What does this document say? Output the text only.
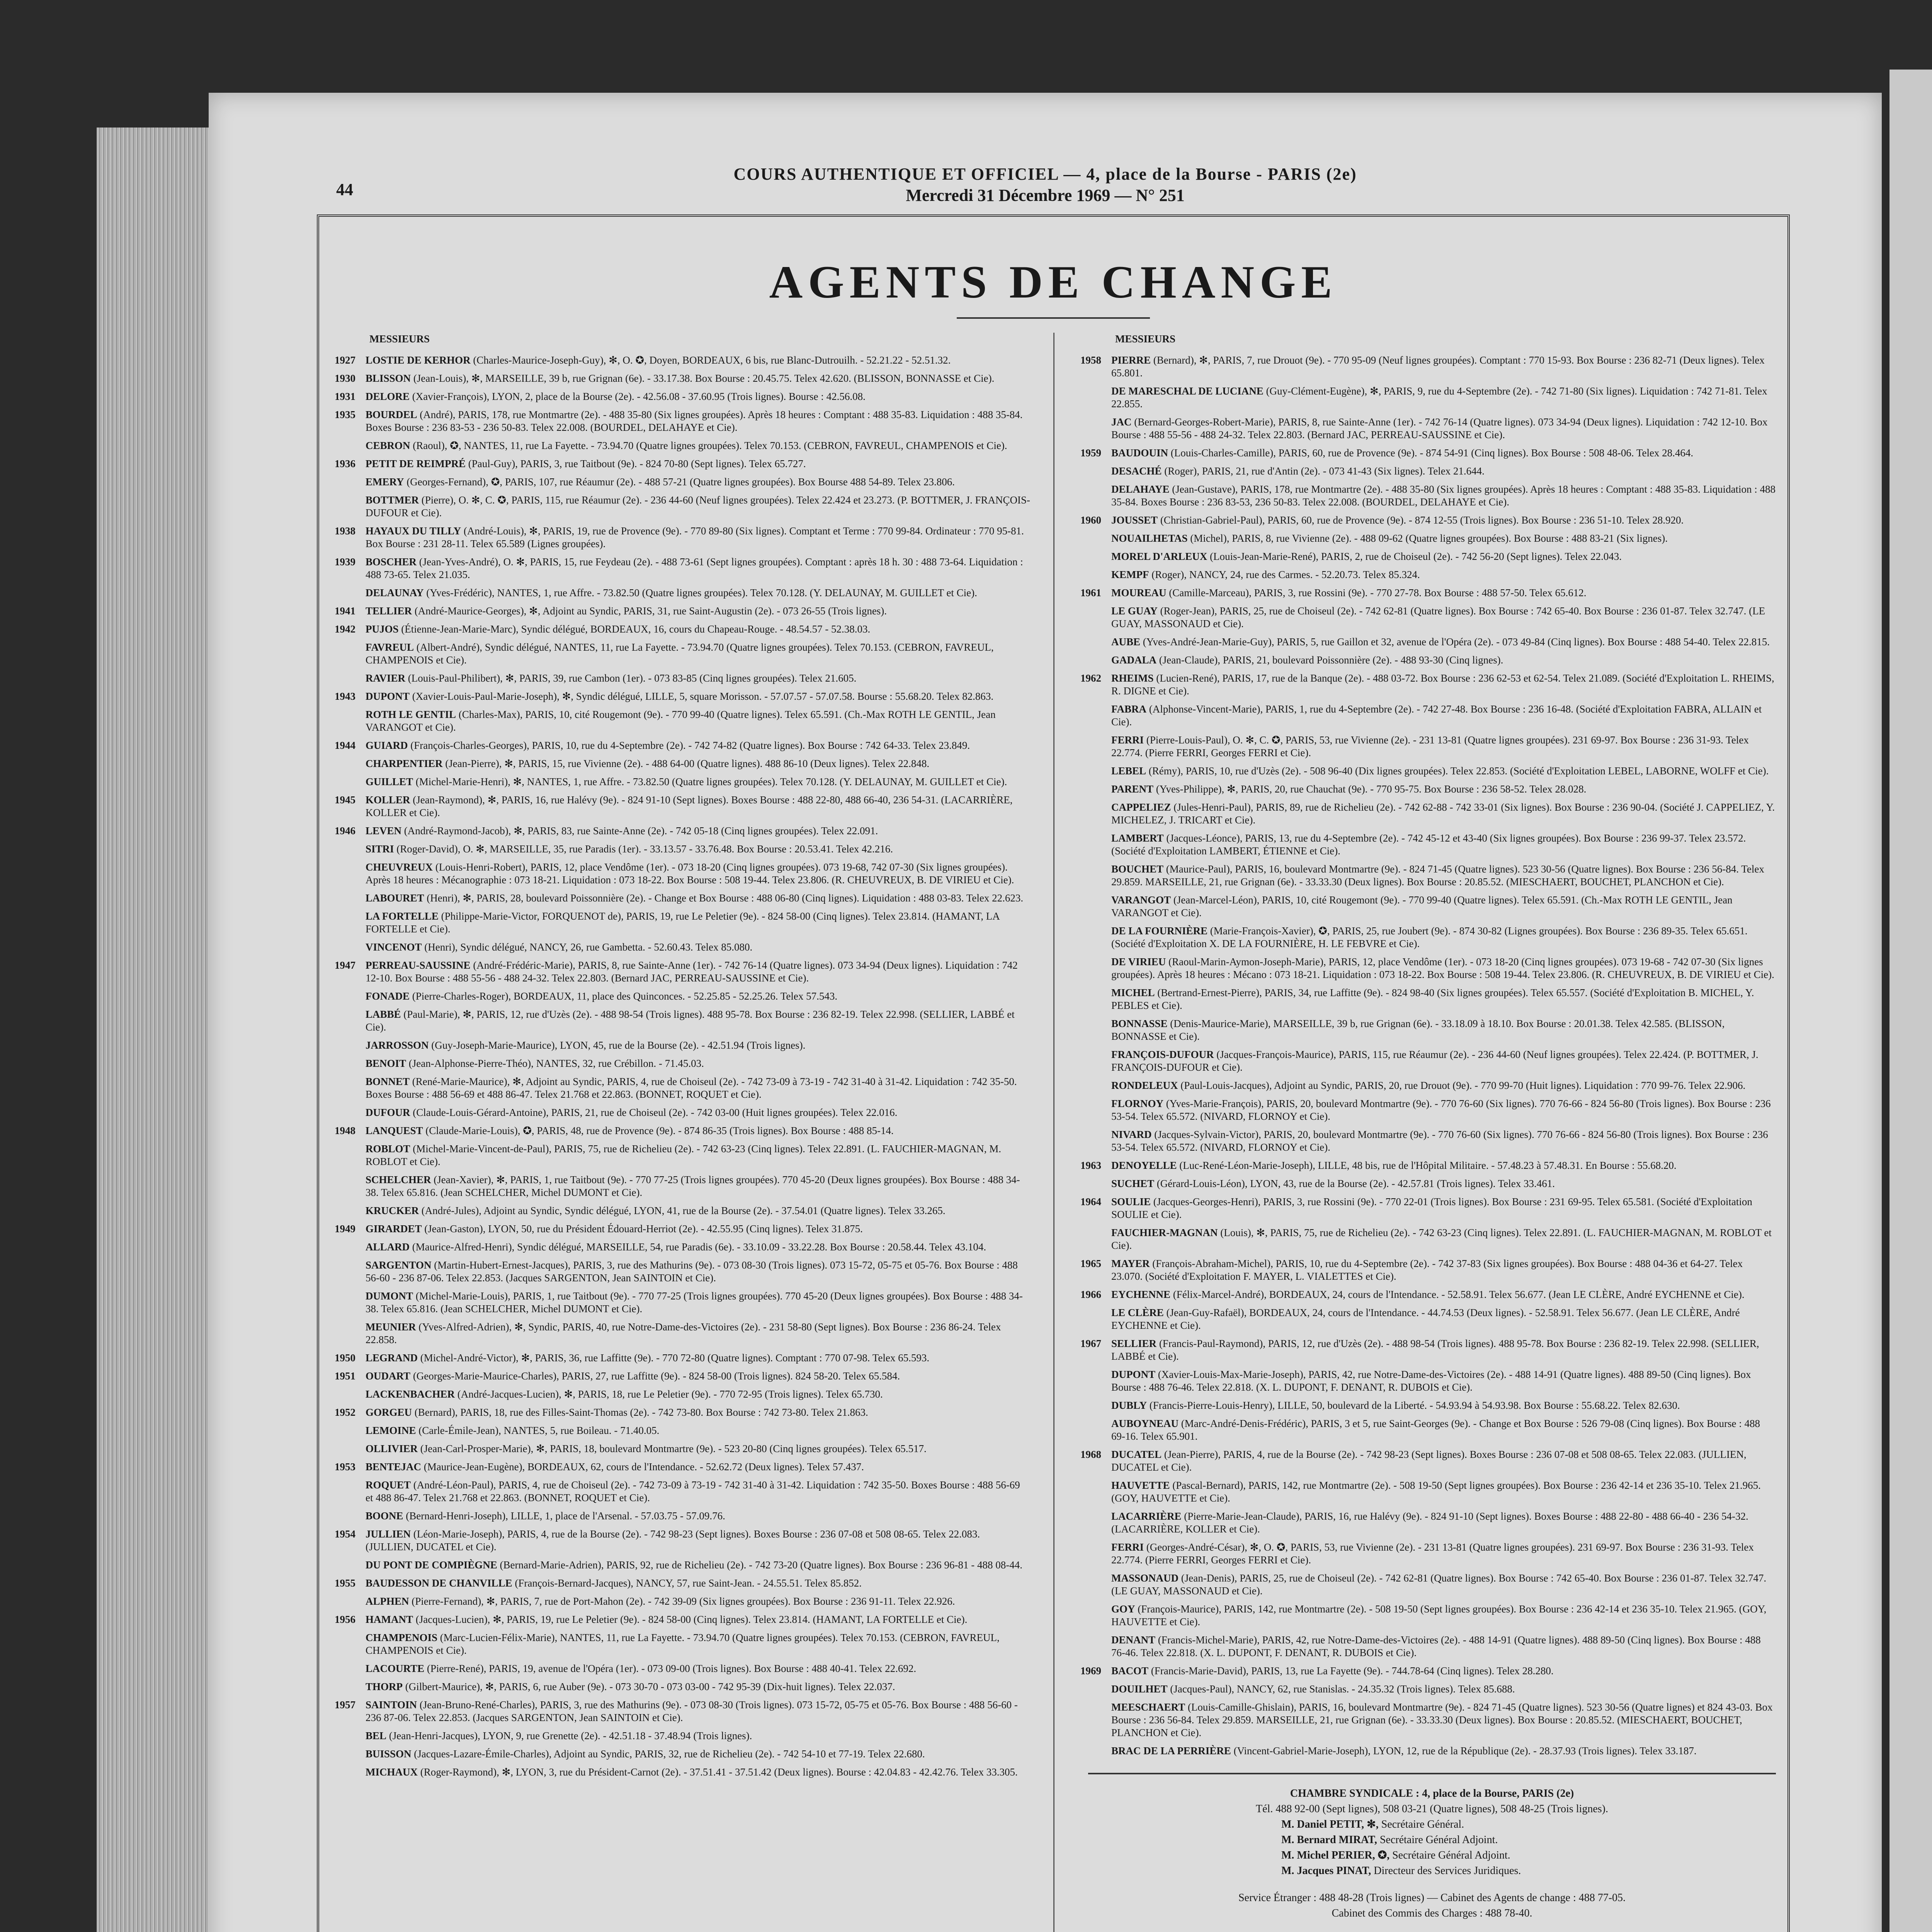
44
COURS AUTHENTIQUE ET OFFICIEL — 4, place de la Bourse - PARIS (2e)
Mercredi 31 Décembre 1969 — N° 251
AGENTS DE CHANGE
MESSIEURS
1927 LOSTIE DE KERHOR (Charles-Maurice-Joseph-Guy), ✻, O. ✪, Doyen, BORDEAUX, 6 bis, rue Blanc-Dutrouilh. - 52.21.22 - 52.51.32.
1930 BLISSON (Jean-Louis), ✻, MARSEILLE, 39 b, rue Grignan (6e). - 33.17.38. Box Bourse : 20.45.75. Telex 42.620. (BLISSON, BONNASSE et Cie).
1931 DELORE (Xavier-François), LYON, 2, place de la Bourse (2e). - 42.56.08 - 37.60.95 (Trois lignes). Bourse : 42.56.08.
1935 BOURDEL (André), PARIS, 178, rue Montmartre (2e). - 488 35-80 (Six lignes groupées). Après 18 heures : Comptant : 488 35-83. Liquidation : 488 35-84. Boxes Bourse : 236 83-53 - 236 50-83. Telex 22.008. (BOURDEL, DELAHAYE et Cie).
CEBRON (Raoul), ✪, NANTES, 11, rue La Fayette. - 73.94.70 (Quatre lignes groupées). Telex 70.153. (CEBRON, FAVREUL, CHAMPENOIS et Cie).
1936 PETIT DE REIMPRÉ (Paul-Guy), PARIS, 3, rue Taitbout (9e). - 824 70-80 (Sept lignes). Telex 65.727.
EMERY (Georges-Fernand), ✪, PARIS, 107, rue Réaumur (2e). - 488 57-21 (Quatre lignes groupées). Box Bourse 488 54-89. Telex 23.806.
BOTTMER (Pierre), O. ✻, C. ✪, PARIS, 115, rue Réaumur (2e). - 236 44-60 (Neuf lignes groupées). Telex 22.424 et 23.273. (P. BOTTMER, J. FRANÇOIS-DUFOUR et Cie).
1938 HAYAUX DU TILLY (André-Louis), ✻, PARIS, 19, rue de Provence (9e). - 770 89-80 (Six lignes). Comptant et Terme : 770 99-84. Ordinateur : 770 95-81. Box Bourse : 231 28-11. Telex 65.589 (Lignes groupées).
1939 BOSCHER (Jean-Yves-André), O. ✻, PARIS, 15, rue Feydeau (2e). - 488 73-61 (Sept lignes groupées). Comptant : après 18 h. 30 : 488 73-64. Liquidation : 488 73-65. Telex 21.035.
DELAUNAY (Yves-Frédéric), NANTES, 1, rue Affre. - 73.82.50 (Quatre lignes groupées). Telex 70.128. (Y. DELAUNAY, M. GUILLET et Cie).
1941 TELLIER (André-Maurice-Georges), ✻, Adjoint au Syndic, PARIS, 31, rue Saint-Augustin (2e). - 073 26-55 (Trois lignes).
1942 PUJOS (Étienne-Jean-Marie-Marc), Syndic délégué, BORDEAUX, 16, cours du Chapeau-Rouge. - 48.54.57 - 52.38.03.
FAVREUL (Albert-André), Syndic délégué, NANTES, 11, rue La Fayette. - 73.94.70 (Quatre lignes groupées). Telex 70.153. (CEBRON, FAVREUL, CHAMPENOIS et Cie).
RAVIER (Louis-Paul-Philibert), ✻, PARIS, 39, rue Cambon (1er). - 073 83-85 (Cinq lignes groupées). Telex 21.605.
1943 DUPONT (Xavier-Louis-Paul-Marie-Joseph), ✻, Syndic délégué, LILLE, 5, square Morisson. - 57.07.57 - 57.07.58. Bourse : 55.68.20. Telex 82.863.
ROTH LE GENTIL (Charles-Max), PARIS, 10, cité Rougemont (9e). - 770 99-40 (Quatre lignes). Telex 65.591. (Ch.-Max ROTH LE GENTIL, Jean VARANGOT et Cie).
1944 GUIARD (François-Charles-Georges), PARIS, 10, rue du 4-Septembre (2e). - 742 74-82 (Quatre lignes). Box Bourse : 742 64-33. Telex 23.849.
CHARPENTIER (Jean-Pierre), ✻, PARIS, 15, rue Vivienne (2e). - 488 64-00 (Quatre lignes). 488 86-10 (Deux lignes). Telex 22.848.
GUILLET (Michel-Marie-Henri), ✻, NANTES, 1, rue Affre. - 73.82.50 (Quatre lignes groupées). Telex 70.128. (Y. DELAUNAY, M. GUILLET et Cie).
1945 KOLLER (Jean-Raymond), ✻, PARIS, 16, rue Halévy (9e). - 824 91-10 (Sept lignes). Boxes Bourse : 488 22-80, 488 66-40, 236 54-31. (LACARRIÈRE, KOLLER et Cie).
1946 LEVEN (André-Raymond-Jacob), ✻, PARIS, 83, rue Sainte-Anne (2e). - 742 05-18 (Cinq lignes groupées). Telex 22.091.
SITRI (Roger-David), O. ✻, MARSEILLE, 35, rue Paradis (1er). - 33.13.57 - 33.76.48. Box Bourse : 20.53.41. Telex 42.216.
CHEUVREUX (Louis-Henri-Robert), PARIS, 12, place Vendôme (1er). - 073 18-20 (Cinq lignes groupées). 073 19-68, 742 07-30 (Six lignes groupées). Après 18 heures : Mécanographie : 073 18-21. Liquidation : 073 18-22. Box Bourse : 508 19-44. Telex 23.806. (R. CHEUVREUX, B. DE VIRIEU et Cie).
LABOURET (Henri), ✻, PARIS, 28, boulevard Poissonnière (2e). - Change et Box Bourse : 488 06-80 (Cinq lignes). Liquidation : 488 03-83. Telex 22.623.
LA FORTELLE (Philippe-Marie-Victor, FORQUENOT de), PARIS, 19, rue Le Peletier (9e). - 824 58-00 (Cinq lignes). Telex 23.814. (HAMANT, LA FORTELLE et Cie).
VINCENOT (Henri), Syndic délégué, NANCY, 26, rue Gambetta. - 52.60.43. Telex 85.080.
1947 PERREAU-SAUSSINE (André-Frédéric-Marie), PARIS, 8, rue Sainte-Anne (1er). - 742 76-14 (Quatre lignes). 073 34-94 (Deux lignes). Liquidation : 742 12-10. Box Bourse : 488 55-56 - 488 24-32. Telex 22.803. (Bernard JAC, PERREAU-SAUSSINE et Cie).
FONADE (Pierre-Charles-Roger), BORDEAUX, 11, place des Quinconces. - 52.25.85 - 52.25.26. Telex 57.543.
LABBÉ (Paul-Marie), ✻, PARIS, 12, rue d'Uzès (2e). - 488 98-54 (Trois lignes). 488 95-78. Box Bourse : 236 82-19. Telex 22.998. (SELLIER, LABBÉ et Cie).
JARROSSON (Guy-Joseph-Marie-Maurice), LYON, 45, rue de la Bourse (2e). - 42.51.94 (Trois lignes).
BENOIT (Jean-Alphonse-Pierre-Théo), NANTES, 32, rue Crébillon. - 71.45.03.
BONNET (René-Marie-Maurice), ✻, Adjoint au Syndic, PARIS, 4, rue de Choiseul (2e). - 742 73-09 à 73-19 - 742 31-40 à 31-42. Liquidation : 742 35-50. Boxes Bourse : 488 56-69 et 488 86-47. Telex 21.768 et 22.863. (BONNET, ROQUET et Cie).
DUFOUR (Claude-Louis-Gérard-Antoine), PARIS, 21, rue de Choiseul (2e). - 742 03-00 (Huit lignes groupées). Telex 22.016.
1948 LANQUEST (Claude-Marie-Louis), ✪, PARIS, 48, rue de Provence (9e). - 874 86-35 (Trois lignes). Box Bourse : 488 85-14.
ROBLOT (Michel-Marie-Vincent-de-Paul), PARIS, 75, rue de Richelieu (2e). - 742 63-23 (Cinq lignes). Telex 22.891. (L. FAUCHIER-MAGNAN, M. ROBLOT et Cie).
SCHELCHER (Jean-Xavier), ✻, PARIS, 1, rue Taitbout (9e). - 770 77-25 (Trois lignes groupées). 770 45-20 (Deux lignes groupées). Box Bourse : 488 34-38. Telex 65.816. (Jean SCHELCHER, Michel DUMONT et Cie).
KRUCKER (André-Jules), Adjoint au Syndic, Syndic délégué, LYON, 41, rue de la Bourse (2e). - 37.54.01 (Quatre lignes). Telex 33.265.
1949 GIRARDET (Jean-Gaston), LYON, 50, rue du Président Édouard-Herriot (2e). - 42.55.95 (Cinq lignes). Telex 31.875.
ALLARD (Maurice-Alfred-Henri), Syndic délégué, MARSEILLE, 54, rue Paradis (6e). - 33.10.09 - 33.22.28. Box Bourse : 20.58.44. Telex 43.104.
SARGENTON (Martin-Hubert-Ernest-Jacques), PARIS, 3, rue des Mathurins (9e). - 073 08-30 (Trois lignes). 073 15-72, 05-75 et 05-76. Box Bourse : 488 56-60 - 236 87-06. Telex 22.853. (Jacques SARGENTON, Jean SAINTOIN et Cie).
DUMONT (Michel-Marie-Louis), PARIS, 1, rue Taitbout (9e). - 770 77-25 (Trois lignes groupées). 770 45-20 (Deux lignes groupées). Box Bourse : 488 34-38. Telex 65.816. (Jean SCHELCHER, Michel DUMONT et Cie).
MEUNIER (Yves-Alfred-Adrien), ✻, Syndic, PARIS, 40, rue Notre-Dame-des-Victoires (2e). - 231 58-80 (Sept lignes). Box Bourse : 236 86-24. Telex 22.858.
1950 LEGRAND (Michel-André-Victor), ✻, PARIS, 36, rue Laffitte (9e). - 770 72-80 (Quatre lignes). Comptant : 770 07-98. Telex 65.593.
1951 OUDART (Georges-Marie-Maurice-Charles), PARIS, 27, rue Laffitte (9e). - 824 58-00 (Trois lignes). 824 58-20. Telex 65.584.
LACKENBACHER (André-Jacques-Lucien), ✻, PARIS, 18, rue Le Peletier (9e). - 770 72-95 (Trois lignes). Telex 65.730.
1952 GORGEU (Bernard), PARIS, 18, rue des Filles-Saint-Thomas (2e). - 742 73-80. Box Bourse : 742 73-80. Telex 21.863.
LEMOINE (Carle-Émile-Jean), NANTES, 5, rue Boileau. - 71.40.05.
OLLIVIER (Jean-Carl-Prosper-Marie), ✻, PARIS, 18, boulevard Montmartre (9e). - 523 20-80 (Cinq lignes groupées). Telex 65.517.
1953 BENTEJAC (Maurice-Jean-Eugène), BORDEAUX, 62, cours de l'Intendance. - 52.62.72 (Deux lignes). Telex 57.437.
ROQUET (André-Léon-Paul), PARIS, 4, rue de Choiseul (2e). - 742 73-09 à 73-19 - 742 31-40 à 31-42. Liquidation : 742 35-50. Boxes Bourse : 488 56-69 et 488 86-47. Telex 21.768 et 22.863. (BONNET, ROQUET et Cie).
BOONE (Bernard-Henri-Joseph), LILLE, 1, place de l'Arsenal. - 57.03.75 - 57.09.76.
1954 JULLIEN (Léon-Marie-Joseph), PARIS, 4, rue de la Bourse (2e). - 742 98-23 (Sept lignes). Boxes Bourse : 236 07-08 et 508 08-65. Telex 22.083. (JULLIEN, DUCATEL et Cie).
DU PONT DE COMPIÈGNE (Bernard-Marie-Adrien), PARIS, 92, rue de Richelieu (2e). - 742 73-20 (Quatre lignes). Box Bourse : 236 96-81 - 488 08-44.
1955 BAUDESSON DE CHANVILLE (François-Bernard-Jacques), NANCY, 57, rue Saint-Jean. - 24.55.51. Telex 85.852.
ALPHEN (Pierre-Fernand), ✻, PARIS, 7, rue de Port-Mahon (2e). - 742 39-09 (Six lignes groupées). Box Bourse : 236 91-11. Telex 22.926.
1956 HAMANT (Jacques-Lucien), ✻, PARIS, 19, rue Le Peletier (9e). - 824 58-00 (Cinq lignes). Telex 23.814. (HAMANT, LA FORTELLE et Cie).
CHAMPENOIS (Marc-Lucien-Félix-Marie), NANTES, 11, rue La Fayette. - 73.94.70 (Quatre lignes groupées). Telex 70.153. (CEBRON, FAVREUL, CHAMPENOIS et Cie).
LACOURTE (Pierre-René), PARIS, 19, avenue de l'Opéra (1er). - 073 09-00 (Trois lignes). Box Bourse : 488 40-41. Telex 22.692.
THORP (Gilbert-Maurice), ✻, PARIS, 6, rue Auber (9e). - 073 30-70 - 073 03-00 - 742 95-39 (Dix-huit lignes). Telex 22.037.
1957 SAINTOIN (Jean-Bruno-René-Charles), PARIS, 3, rue des Mathurins (9e). - 073 08-30 (Trois lignes). 073 15-72, 05-75 et 05-76. Box Bourse : 488 56-60 - 236 87-06. Telex 22.853. (Jacques SARGENTON, Jean SAINTOIN et Cie).
BEL (Jean-Henri-Jacques), LYON, 9, rue Grenette (2e). - 42.51.18 - 37.48.94 (Trois lignes).
BUISSON (Jacques-Lazare-Émile-Charles), Adjoint au Syndic, PARIS, 32, rue de Richelieu (2e). - 742 54-10 et 77-19. Telex 22.680.
MICHAUX (Roger-Raymond), ✻, LYON, 3, rue du Président-Carnot (2e). - 37.51.41 - 37.51.42 (Deux lignes). Bourse : 42.04.83 - 42.42.76. Telex 33.305.
MESSIEURS
1958 PIERRE (Bernard), ✻, PARIS, 7, rue Drouot (9e). - 770 95-09 (Neuf lignes groupées). Comptant : 770 15-93. Box Bourse : 236 82-71 (Deux lignes). Telex 65.801.
DE MARESCHAL DE LUCIANE (Guy-Clément-Eugène), ✻, PARIS, 9, rue du 4-Septembre (2e). - 742 71-80 (Six lignes). Liquidation : 742 71-81. Telex 22.855.
JAC (Bernard-Georges-Robert-Marie), PARIS, 8, rue Sainte-Anne (1er). - 742 76-14 (Quatre lignes). 073 34-94 (Deux lignes). Liquidation : 742 12-10. Box Bourse : 488 55-56 - 488 24-32. Telex 22.803. (Bernard JAC, PERREAU-SAUSSINE et Cie).
1959 BAUDOUIN (Louis-Charles-Camille), PARIS, 60, rue de Provence (9e). - 874 54-91 (Cinq lignes). Box Bourse : 508 48-06. Telex 28.464.
DESACHÉ (Roger), PARIS, 21, rue d'Antin (2e). - 073 41-43 (Six lignes). Telex 21.644.
DELAHAYE (Jean-Gustave), PARIS, 178, rue Montmartre (2e). - 488 35-80 (Six lignes groupées). Après 18 heures : Comptant : 488 35-83. Liquidation : 488 35-84. Boxes Bourse : 236 83-53, 236 50-83. Telex 22.008. (BOURDEL, DELAHAYE et Cie).
1960 JOUSSET (Christian-Gabriel-Paul), PARIS, 60, rue de Provence (9e). - 874 12-55 (Trois lignes). Box Bourse : 236 51-10. Telex 28.920.
NOUAILHETAS (Michel), PARIS, 8, rue Vivienne (2e). - 488 09-62 (Quatre lignes groupées). Box Bourse : 488 83-21 (Six lignes).
MOREL D'ARLEUX (Louis-Jean-Marie-René), PARIS, 2, rue de Choiseul (2e). - 742 56-20 (Sept lignes). Telex 22.043.
KEMPF (Roger), NANCY, 24, rue des Carmes. - 52.20.73. Telex 85.324.
1961 MOUREAU (Camille-Marceau), PARIS, 3, rue Rossini (9e). - 770 27-78. Box Bourse : 488 57-50. Telex 65.612.
LE GUAY (Roger-Jean), PARIS, 25, rue de Choiseul (2e). - 742 62-81 (Quatre lignes). Box Bourse : 742 65-40. Box Bourse : 236 01-87. Telex 32.747. (LE GUAY, MASSONAUD et Cie).
AUBE (Yves-André-Jean-Marie-Guy), PARIS, 5, rue Gaillon et 32, avenue de l'Opéra (2e). - 073 49-84 (Cinq lignes). Box Bourse : 488 54-40. Telex 22.815.
GADALA (Jean-Claude), PARIS, 21, boulevard Poissonnière (2e). - 488 93-30 (Cinq lignes).
1962 RHEIMS (Lucien-René), PARIS, 17, rue de la Banque (2e). - 488 03-72. Box Bourse : 236 62-53 et 62-54. Telex 21.089. (Société d'Exploitation L. RHEIMS, R. DIGNE et Cie).
FABRA (Alphonse-Vincent-Marie), PARIS, 1, rue du 4-Septembre (2e). - 742 27-48. Box Bourse : 236 16-48. (Société d'Exploitation FABRA, ALLAIN et Cie).
FERRI (Pierre-Louis-Paul), O. ✻, C. ✪, PARIS, 53, rue Vivienne (2e). - 231 13-81 (Quatre lignes groupées). 231 69-97. Box Bourse : 236 31-93. Telex 22.774. (Pierre FERRI, Georges FERRI et Cie).
LEBEL (Rémy), PARIS, 10, rue d'Uzès (2e). - 508 96-40 (Dix lignes groupées). Telex 22.853. (Société d'Exploitation LEBEL, LABORNE, WOLFF et Cie).
PARENT (Yves-Philippe), ✻, PARIS, 20, rue Chauchat (9e). - 770 95-75. Box Bourse : 236 58-52. Telex 28.028.
CAPPELIEZ (Jules-Henri-Paul), PARIS, 89, rue de Richelieu (2e). - 742 62-88 - 742 33-01 (Six lignes). Box Bourse : 236 90-04. (Société J. CAPPELIEZ, Y. MICHELEZ, J. TRICART et Cie).
LAMBERT (Jacques-Léonce), PARIS, 13, rue du 4-Septembre (2e). - 742 45-12 et 43-40 (Six lignes groupées). Box Bourse : 236 99-37. Telex 23.572. (Société d'Exploitation LAMBERT, ÉTIENNE et Cie).
BOUCHET (Maurice-Paul), PARIS, 16, boulevard Montmartre (9e). - 824 71-45 (Quatre lignes). 523 30-56 (Quatre lignes). Box Bourse : 236 56-84. Telex 29.859. MARSEILLE, 21, rue Grignan (6e). - 33.33.30 (Deux lignes). Box Bourse : 20.85.52. (MIESCHAERT, BOUCHET, PLANCHON et Cie).
VARANGOT (Jean-Marcel-Léon), PARIS, 10, cité Rougemont (9e). - 770 99-40 (Quatre lignes). Telex 65.591. (Ch.-Max ROTH LE GENTIL, Jean VARANGOT et Cie).
DE LA FOURNIÈRE (Marie-François-Xavier), ✪, PARIS, 25, rue Joubert (9e). - 874 30-82 (Lignes groupées). Box Bourse : 236 89-35. Telex 65.651. (Société d'Exploitation X. DE LA FOURNIÈRE, H. LE FEBVRE et Cie).
DE VIRIEU (Raoul-Marin-Aymon-Joseph-Marie), PARIS, 12, place Vendôme (1er). - 073 18-20 (Cinq lignes groupées). 073 19-68 - 742 07-30 (Six lignes groupées). Après 18 heures : Mécano : 073 18-21. Liquidation : 073 18-22. Box Bourse : 508 19-44. Telex 23.806. (R. CHEUVREUX, B. DE VIRIEU et Cie).
MICHEL (Bertrand-Ernest-Pierre), PARIS, 34, rue Laffitte (9e). - 824 98-40 (Six lignes groupées). Telex 65.557. (Société d'Exploitation B. MICHEL, Y. PEBLES et Cie).
BONNASSE (Denis-Maurice-Marie), MARSEILLE, 39 b, rue Grignan (6e). - 33.18.09 à 18.10. Box Bourse : 20.01.38. Telex 42.585. (BLISSON, BONNASSE et Cie).
FRANÇOIS-DUFOUR (Jacques-François-Maurice), PARIS, 115, rue Réaumur (2e). - 236 44-60 (Neuf lignes groupées). Telex 22.424. (P. BOTTMER, J. FRANÇOIS-DUFOUR et Cie).
RONDELEUX (Paul-Louis-Jacques), Adjoint au Syndic, PARIS, 20, rue Drouot (9e). - 770 99-70 (Huit lignes). Liquidation : 770 99-76. Telex 22.906.
FLORNOY (Yves-Marie-François), PARIS, 20, boulevard Montmartre (9e). - 770 76-60 (Six lignes). 770 76-66 - 824 56-80 (Trois lignes). Box Bourse : 236 53-54. Telex 65.572. (NIVARD, FLORNOY et Cie).
NIVARD (Jacques-Sylvain-Victor), PARIS, 20, boulevard Montmartre (9e). - 770 76-60 (Six lignes). 770 76-66 - 824 56-80 (Trois lignes). Box Bourse : 236 53-54. Telex 65.572. (NIVARD, FLORNOY et Cie).
1963 DENOYELLE (Luc-René-Léon-Marie-Joseph), LILLE, 48 bis, rue de l'Hôpital Militaire. - 57.48.23 à 57.48.31. En Bourse : 55.68.20.
SUCHET (Gérard-Louis-Léon), LYON, 43, rue de la Bourse (2e). - 42.57.81 (Trois lignes). Telex 33.461.
1964 SOULIE (Jacques-Georges-Henri), PARIS, 3, rue Rossini (9e). - 770 22-01 (Trois lignes). Box Bourse : 231 69-95. Telex 65.581. (Société d'Exploitation SOULIE et Cie).
FAUCHIER-MAGNAN (Louis), ✻, PARIS, 75, rue de Richelieu (2e). - 742 63-23 (Cinq lignes). Telex 22.891. (L. FAUCHIER-MAGNAN, M. ROBLOT et Cie).
1965 MAYER (François-Abraham-Michel), PARIS, 10, rue du 4-Septembre (2e). - 742 37-83 (Six lignes groupées). Box Bourse : 488 04-36 et 64-27. Telex 23.070. (Société d'Exploitation F. MAYER, L. VIALETTES et Cie).
1966 EYCHENNE (Félix-Marcel-André), BORDEAUX, 24, cours de l'Intendance. - 52.58.91. Telex 56.677. (Jean LE CLÈRE, André EYCHENNE et Cie).
LE CLÈRE (Jean-Guy-Rafaël), BORDEAUX, 24, cours de l'Intendance. - 44.74.53 (Deux lignes). - 52.58.91. Telex 56.677. (Jean LE CLÈRE, André EYCHENNE et Cie).
1967 SELLIER (Francis-Paul-Raymond), PARIS, 12, rue d'Uzès (2e). - 488 98-54 (Trois lignes). 488 95-78. Box Bourse : 236 82-19. Telex 22.998. (SELLIER, LABBÉ et Cie).
DUPONT (Xavier-Louis-Max-Marie-Joseph), PARIS, 42, rue Notre-Dame-des-Victoires (2e). - 488 14-91 (Quatre lignes). 488 89-50 (Cinq lignes). Box Bourse : 488 76-46. Telex 22.818. (X. L. DUPONT, F. DENANT, R. DUBOIS et Cie).
DUBLY (Francis-Pierre-Louis-Henry), LILLE, 50, boulevard de la Liberté. - 54.93.94 à 54.93.98. Box Bourse : 55.68.22. Telex 82.630.
AUBOYNEAU (Marc-André-Denis-Frédéric), PARIS, 3 et 5, rue Saint-Georges (9e). - Change et Box Bourse : 526 79-08 (Cinq lignes). Box Bourse : 488 69-16. Telex 65.901.
1968 DUCATEL (Jean-Pierre), PARIS, 4, rue de la Bourse (2e). - 742 98-23 (Sept lignes). Boxes Bourse : 236 07-08 et 508 08-65. Telex 22.083. (JULLIEN, DUCATEL et Cie).
HAUVETTE (Pascal-Bernard), PARIS, 142, rue Montmartre (2e). - 508 19-50 (Sept lignes groupées). Box Bourse : 236 42-14 et 236 35-10. Telex 21.965. (GOY, HAUVETTE et Cie).
LACARRIÈRE (Pierre-Marie-Jean-Claude), PARIS, 16, rue Halévy (9e). - 824 91-10 (Sept lignes). Boxes Bourse : 488 22-80 - 488 66-40 - 236 54-32. (LACARRIÈRE, KOLLER et Cie).
FERRI (Georges-André-César), ✻, O. ✪, PARIS, 53, rue Vivienne (2e). - 231 13-81 (Quatre lignes groupées). 231 69-97. Box Bourse : 236 31-93. Telex 22.774. (Pierre FERRI, Georges FERRI et Cie).
MASSONAUD (Jean-Denis), PARIS, 25, rue de Choiseul (2e). - 742 62-81 (Quatre lignes). Box Bourse : 742 65-40. Box Bourse : 236 01-87. Telex 32.747. (LE GUAY, MASSONAUD et Cie).
GOY (François-Maurice), PARIS, 142, rue Montmartre (2e). - 508 19-50 (Sept lignes groupées). Box Bourse : 236 42-14 et 236 35-10. Telex 21.965. (GOY, HAUVETTE et Cie).
DENANT (Francis-Michel-Marie), PARIS, 42, rue Notre-Dame-des-Victoires (2e). - 488 14-91 (Quatre lignes). 488 89-50 (Cinq lignes). Box Bourse : 488 76-46. Telex 22.818. (X. L. DUPONT, F. DENANT, R. DUBOIS et Cie).
1969 BACOT (Francis-Marie-David), PARIS, 13, rue La Fayette (9e). - 744.78-64 (Cinq lignes). Telex 28.280.
DOUILHET (Jacques-Paul), NANCY, 62, rue Stanislas. - 24.35.32 (Trois lignes). Telex 85.688.
MEESCHAERT (Louis-Camille-Ghislain), PARIS, 16, boulevard Montmartre (9e). - 824 71-45 (Quatre lignes). 523 30-56 (Quatre lignes) et 824 43-03. Box Bourse : 236 56-84. Telex 29.859. MARSEILLE, 21, rue Grignan (6e). - 33.33.30 (Deux lignes). Box Bourse : 20.85.52. (MIESCHAERT, BOUCHET, PLANCHON et Cie).
BRAC DE LA PERRIÈRE (Vincent-Gabriel-Marie-Joseph), LYON, 12, rue de la République (2e). - 28.37.93 (Trois lignes). Telex 33.187.
CHAMBRE SYNDICALE : 4, place de la Bourse, PARIS (2e)
Tél. 488 92-00 (Sept lignes), 508 03-21 (Quatre lignes), 508 48-25 (Trois lignes).
M. Daniel PETIT, ✻, Secrétaire Général.
M. Bernard MIRAT, Secrétaire Général Adjoint.
M. Michel PERIER, ✪, Secrétaire Général Adjoint.
M. Jacques PINAT, Directeur des Services Juridiques.
Service Étranger : 488 48-28 (Trois lignes) — Cabinet des Agents de change : 488 77-05.
Cabinet des Commis des Charges : 488 78-40.
